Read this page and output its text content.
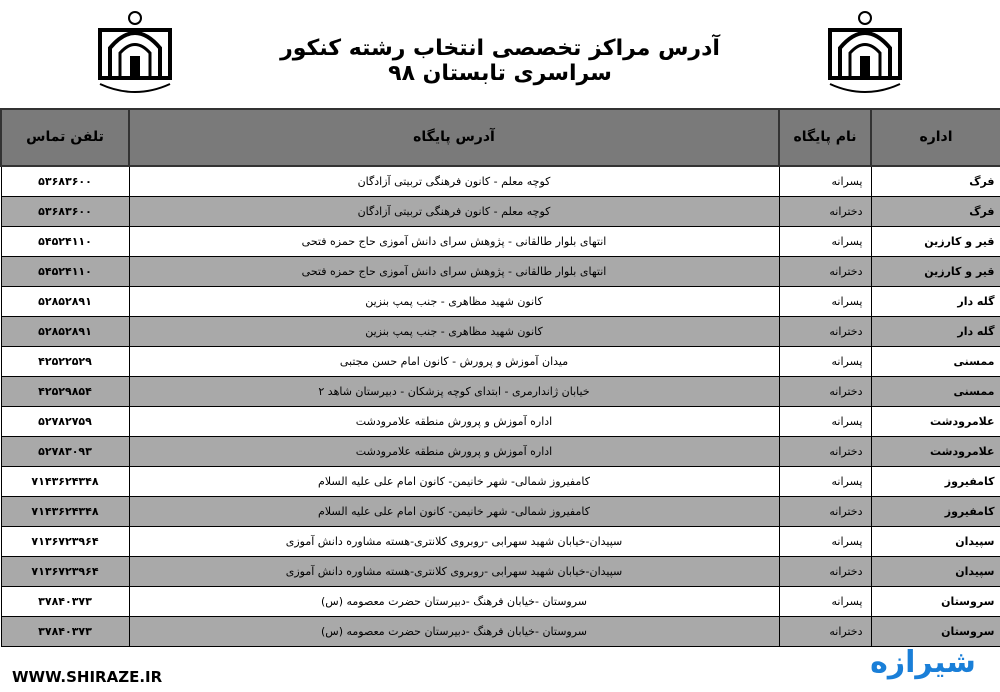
آدرس مراکز تخصصی انتخاب رشته کنکور سراسری تابستان ۹۸
تلفن تماس	آدرس پایگاه	نام پایگاه	اداره
۵۳۶۸۳۶۰۰	کوچه معلم - کانون فرهنگی تربیتی آزادگان	پسرانه	فرگ
۵۳۶۸۳۶۰۰	کوچه معلم - کانون فرهنگی تربیتی آزادگان	دخترانه	فرگ
۵۴۵۲۴۱۱۰	انتهای بلوار طالقانی - پژوهش سرای دانش آموزی حاج حمزه فتحی	پسرانه	قیر و کارزین
۵۴۵۲۴۱۱۰	انتهای بلوار طالقانی - پژوهش سرای دانش آموزی حاج حمزه فتحی	دخترانه	قیر و کارزین
۵۲۸۵۲۸۹۱	کانون شهید مظاهری - جنب پمپ بنزین	پسرانه	گله دار
۵۲۸۵۲۸۹۱	کانون شهید مظاهری - جنب پمپ بنزین	دخترانه	گله دار
۴۲۵۲۲۵۲۹	میدان آموزش و پرورش - کانون امام حسن مجتبی	پسرانه	ممسنی
۴۲۵۲۹۸۵۴	خیابان ژاندارمری - ابتدای کوچه پزشکان - دبیرستان شاهد ۲	دخترانه	ممسنی
۵۲۷۸۲۷۵۹	اداره آموزش و پرورش منطقه علامرودشت	پسرانه	علامرودشت
۵۲۷۸۳۰۹۳	اداره آموزش و پرورش منطقه علامرودشت	دخترانه	علامرودشت
۷۱۴۳۶۲۴۳۴۸	کامفیروز شمالی- شهر خانیمن- کانون امام علی علیه السلام	پسرانه	کامفیروز
۷۱۴۳۶۲۴۳۴۸	کامفیروز شمالی- شهر خانیمن- کانون امام علی علیه السلام	دخترانه	کامفیروز
۷۱۳۶۷۲۳۹۶۴	سپیدان-خیابان شهید سهرابی -روبروی کلانتری-هسته مشاوره دانش آموزی	پسرانه	سپیدان
۷۱۳۶۷۲۳۹۶۴	سپیدان-خیابان شهید سهرابی -روبروی کلانتری-هسته مشاوره دانش آموزی	دخترانه	سپیدان
۳۷۸۴۰۳۷۳	سروستان -خیابان فرهنگ -دبیرستان حضرت معصومه (س)	پسرانه	سروستان
۳۷۸۴۰۳۷۳	سروستان -خیابان فرهنگ -دبیرستان حضرت معصومه (س)	دخترانه	سروستان
WWW.SHIRAZE.IR	شیرازه
